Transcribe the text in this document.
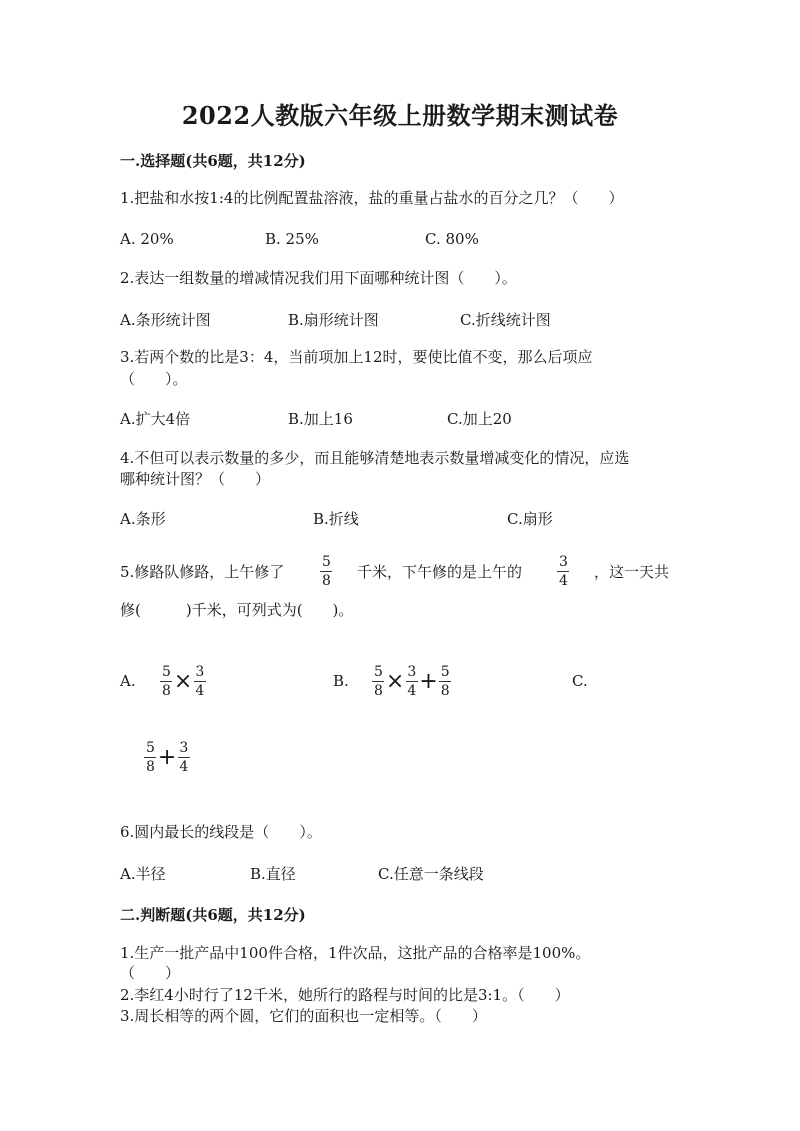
2022人教版六年级上册数学期末测试卷
一.选择题(共6题，共12分)
1.把盐和水按1:4的比例配置盐溶液，盐的重量占盐水的百分之几？（　　）
A. 20%	B. 25%	C. 80%
2.表达一组数量的增减情况我们用下面哪种统计图（　　）。
A.条形统计图	B.扇形统计图	C.折线统计图
3.若两个数的比是3：4，当前项加上12时，要使比值不变，那么后项应
（　　）。
A.扩大4倍	B.加上16	C.加上20
4.不但可以表示数量的多少，而且能够清楚地表示数量增减变化的情况，应选
哪种统计图？（　　）
A.条形	B.折线	C.扇形
5.修路队修路，上午修了
5
8 千米，下午修的是上午的
3
4 ，这一天共
修(　　　)千米，可列式为(　　)。
A. $\frac{5}{8} \times \frac{3}{4}$	B. $\frac{5}{8} \times \frac{3}{4} + \frac{5}{8}$	C.
$\frac{5}{8} + \frac{3}{4}$
6.圆内最长的线段是（　　）。
A.半径	B.直径	C.任意一条线段
二.判断题(共6题，共12分)
1.生产一批产品中100件合格，1件次品，这批产品的合格率是100%。
（　　）
2.李红4小时行了12千米，她所行的路程与时间的比是3:1。（　　）
3.周长相等的两个圆，它们的面积也一定相等。（　　）
